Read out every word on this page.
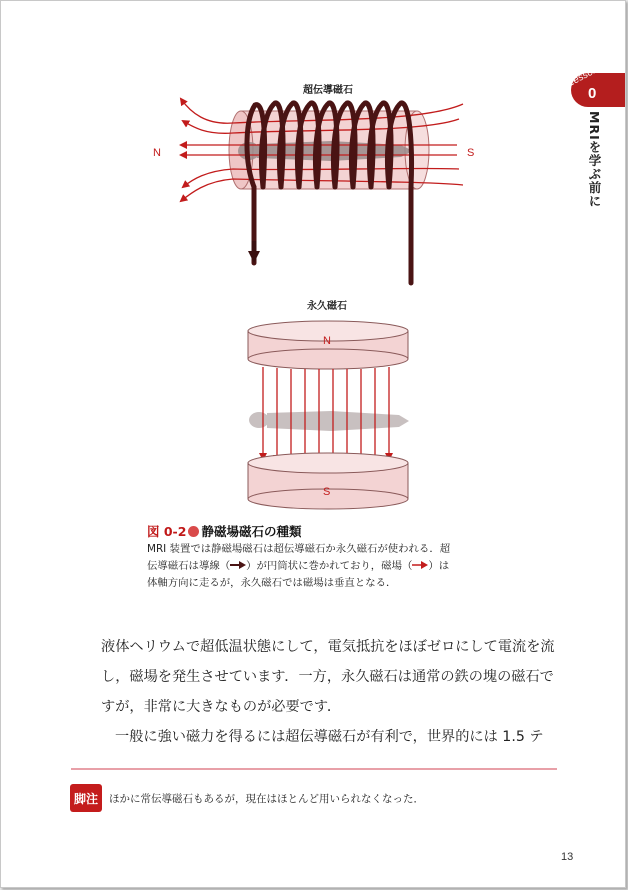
超伝導磁石
N	S
永久磁石
N
S
Lesson
0
MRIを学ぶ前に
図 0-2 静磁場磁石の種類
MRI 装置では静磁場磁石は超伝導磁石か永久磁石が使われる．超
伝導磁石は導線（ ）が円筒状に巻かれており，磁場（ ）は
体軸方向に走るが，永久磁石では磁場は垂直となる．

液体ヘリウムで超低温状態にして，電気抵抗をほぼゼロにして電流を流し，磁場を発生させています．一方，永久磁石は通常の鉄の塊の磁石ですが，非常に大きなものが必要です．

一般に強い磁力を得るには超伝導磁石が有利で，世界的には 1.5 テ

脚注	ほかに常伝導磁石もあるが，現在はほとんど用いられなくなった．
13
